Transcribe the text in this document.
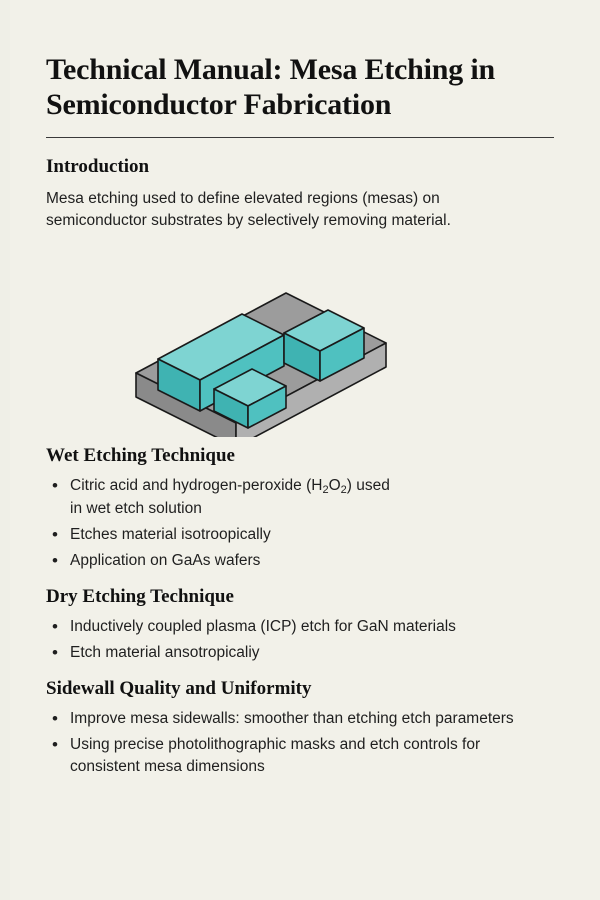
Technical Manual: Mesa Etching in Semiconductor Fabrication
Introduction

Mesa etching used to define elevated regions (mesas) on semiconductor substrates by selectively removing material.

Wet Etching Technique
• Citric acid and hydrogen-peroxide $(H_2O_2)$ used
in wet etch solution
• Etches material isotroopically
• Application on GaAs wafers
Dry Etching Technique
• Inductively coupled plasma (ICP) etch for GaN materials
• Etch material ansotropicaliy
Sidewall Quality and Uniformity
• Improve mesa sidewalls: smoother than etching etch parameters
• Using precise photolithographic masks and etch controls for consistent mesa dimensions
